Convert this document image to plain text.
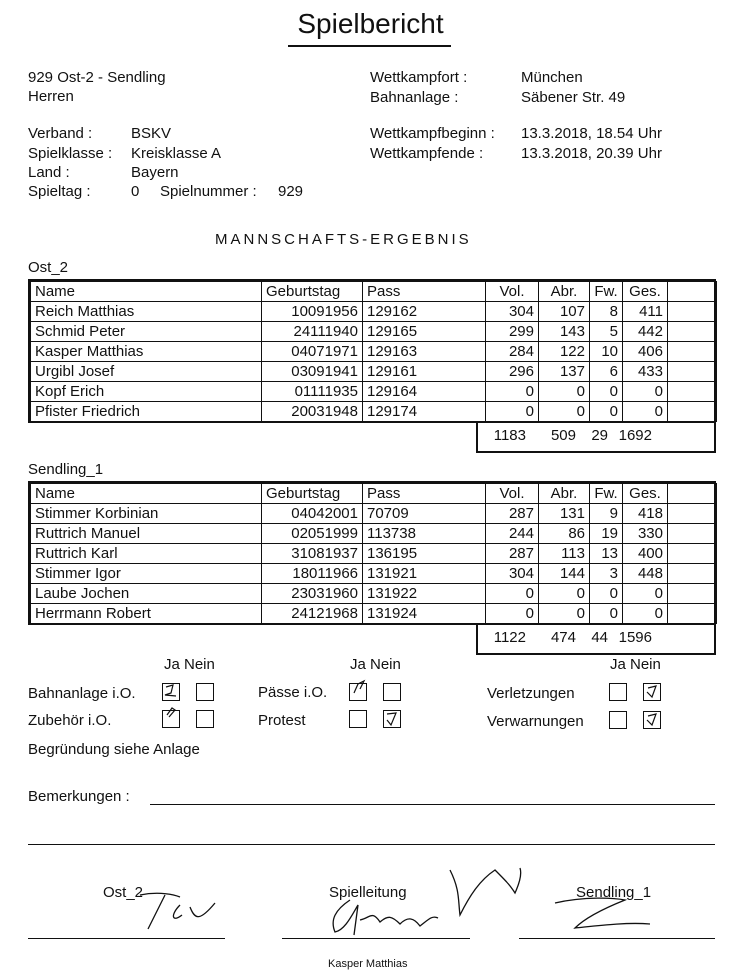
Spielbericht
929 Ost-2 - Sendling
Herren
Verband :	BSKV
Spielklasse : Kreisklasse A
Land :	Bayern
Spieltag :	0 Spielnummer : 929
Wettkampfort :	München
Bahnanlage :	Säbener Str. 49
Wettkampfbeginn : 13.3.2018, 18.54 Uhr
Wettkampfende :	13.3.2018, 20.39 Uhr
MANNSCHAFTS-ERGEBNIS
Ost_2
Name	Geburtstag	Pass	Vol.	Abr.	Fw.	Ges.	
Reich Matthias	10091956	129162	304	107	8	411	
Schmid Peter	24111940	129165	299	143	5	442	
Kasper Matthias	04071971	129163	284	122	10	406	
Urgibl Josef	03091941	129161	296	137	6	433	
Kopf Erich	01111935	129164	0	0	0	0	
Pfister Friedrich	20031948	129174	0	0	0	0	
1183	509	29	1692
Sendling_1
Name	Geburtstag	Pass	Vol.	Abr.	Fw.	Ges.	
Stimmer Korbinian	04042001	70709	287	131	9	418	
Ruttrich Manuel	02051999	113738	244	86	19	330	
Ruttrich Karl	31081937	136195	287	113	13	400	
Stimmer Igor	18011966	131921	304	144	3	448	
Laube Jochen	23031960	131922	0	0	0	0	
Herrmann Robert	24121968	131924	0	0	0	0	
1122	474	44	1596
Ja Nein	Ja Nein	Ja Nein
Bahnanlage i.O.	Pässe i.O.	Verletzungen
Zubehör i.O.	Protest	Verwarnungen
Begründung siehe Anlage
Bemerkungen :
Ost_2	Spielleitung	Sendling_1
Kasper Matthias
